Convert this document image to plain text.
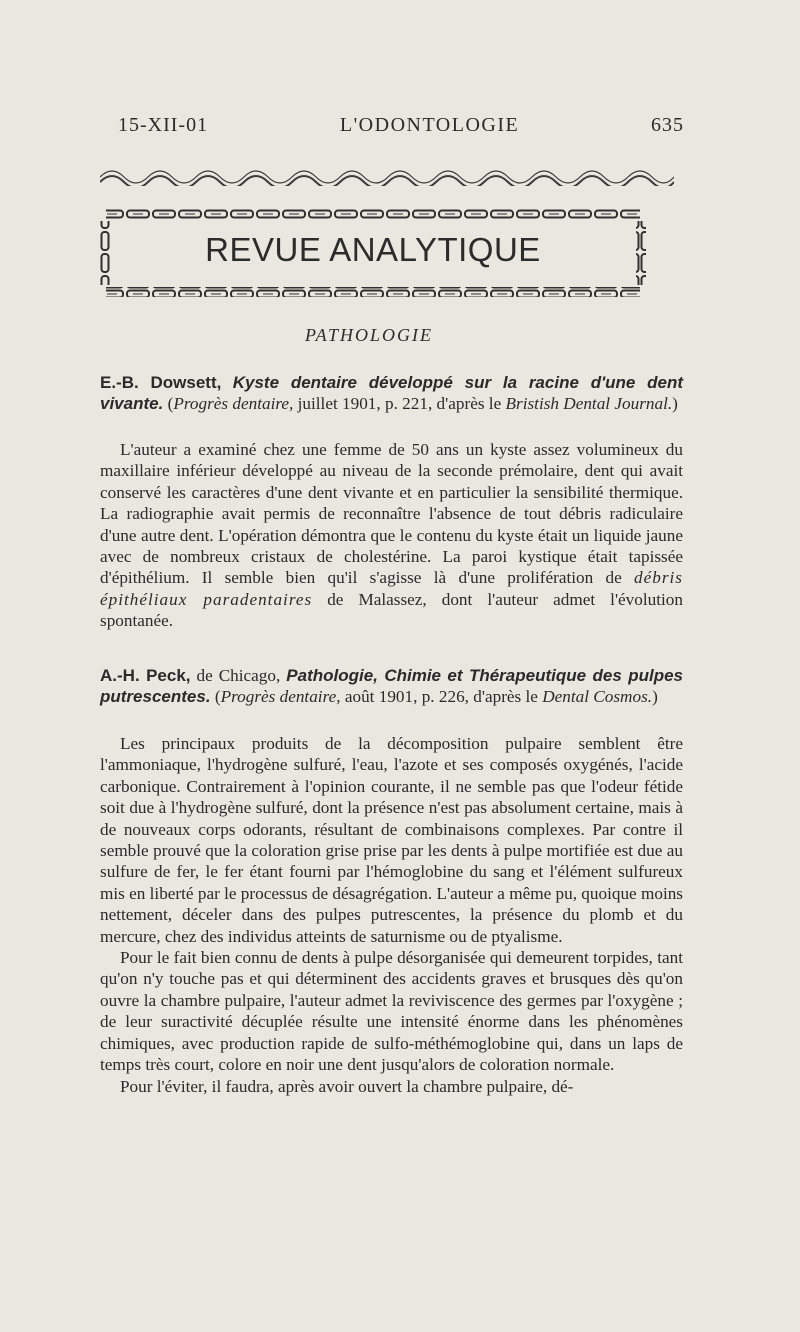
15-XII-01	L'ODONTOLOGIE	635
REVUE ANALYTIQUE
PATHOLOGIE

E.-B. Dowsett, Kyste dentaire développé sur la racine d'une dent vivante. (Progrès dentaire, juillet 1901, p. 221, d'après le Bristish Dental Journal.)

L'auteur a examiné chez une femme de 50 ans un kyste assez volumineux du maxillaire inférieur développé au niveau de la seconde prémolaire, dent qui avait conservé les caractères d'une dent vivante et en particulier la sensibilité thermique. La radiographie avait permis de reconnaître l'absence de tout débris radiculaire d'une autre dent. L'opération démontra que le contenu du kyste était un liquide jaune avec de nombreux cristaux de cholestérine. La paroi kystique était tapissée d'épithélium. Il semble bien qu'il s'agisse là d'une prolifération de débris épithéliaux paradentaires de Malassez, dont l'auteur admet l'évolution spontanée.

A.-H. Peck, de Chicago, Pathologie, Chimie et Thérapeutique des pulpes putrescentes. (Progrès dentaire, août 1901, p. 226, d'après le Dental Cosmos.)

Les principaux produits de la décomposition pulpaire semblent être l'ammoniaque, l'hydrogène sulfuré, l'eau, l'azote et ses composés oxygénés, l'acide carbonique. Contrairement à l'opinion courante, il ne semble pas que l'odeur fétide soit due à l'hydrogène sulfuré, dont la présence n'est pas absolument certaine, mais à de nouveaux corps odorants, résultant de combinaisons complexes. Par contre il semble prouvé que la coloration grise prise par les dents à pulpe mortifiée est due au sulfure de fer, le fer étant fourni par l'hémoglobine du sang et l'élément sulfureux mis en liberté par le processus de désagrégation. L'auteur a même pu, quoique moins nettement, déceler dans des pulpes putrescentes, la présence du plomb et du mercure, chez des individus atteints de saturnisme ou de ptyalisme.

Pour le fait bien connu de dents à pulpe désorganisée qui demeurent torpides, tant qu'on n'y touche pas et qui déterminent des accidents graves et brusques dès qu'on ouvre la chambre pulpaire, l'auteur admet la reviviscence des germes par l'oxygène ; de leur suractivité décuplée résulte une intensité énorme dans les phénomènes chimiques, avec production rapide de sulfo-méthémoglobine qui, dans un laps de temps très court, colore en noir une dent jusqu'alors de coloration normale.

Pour l'éviter, il faudra, après avoir ouvert la chambre pulpaire, dé-
